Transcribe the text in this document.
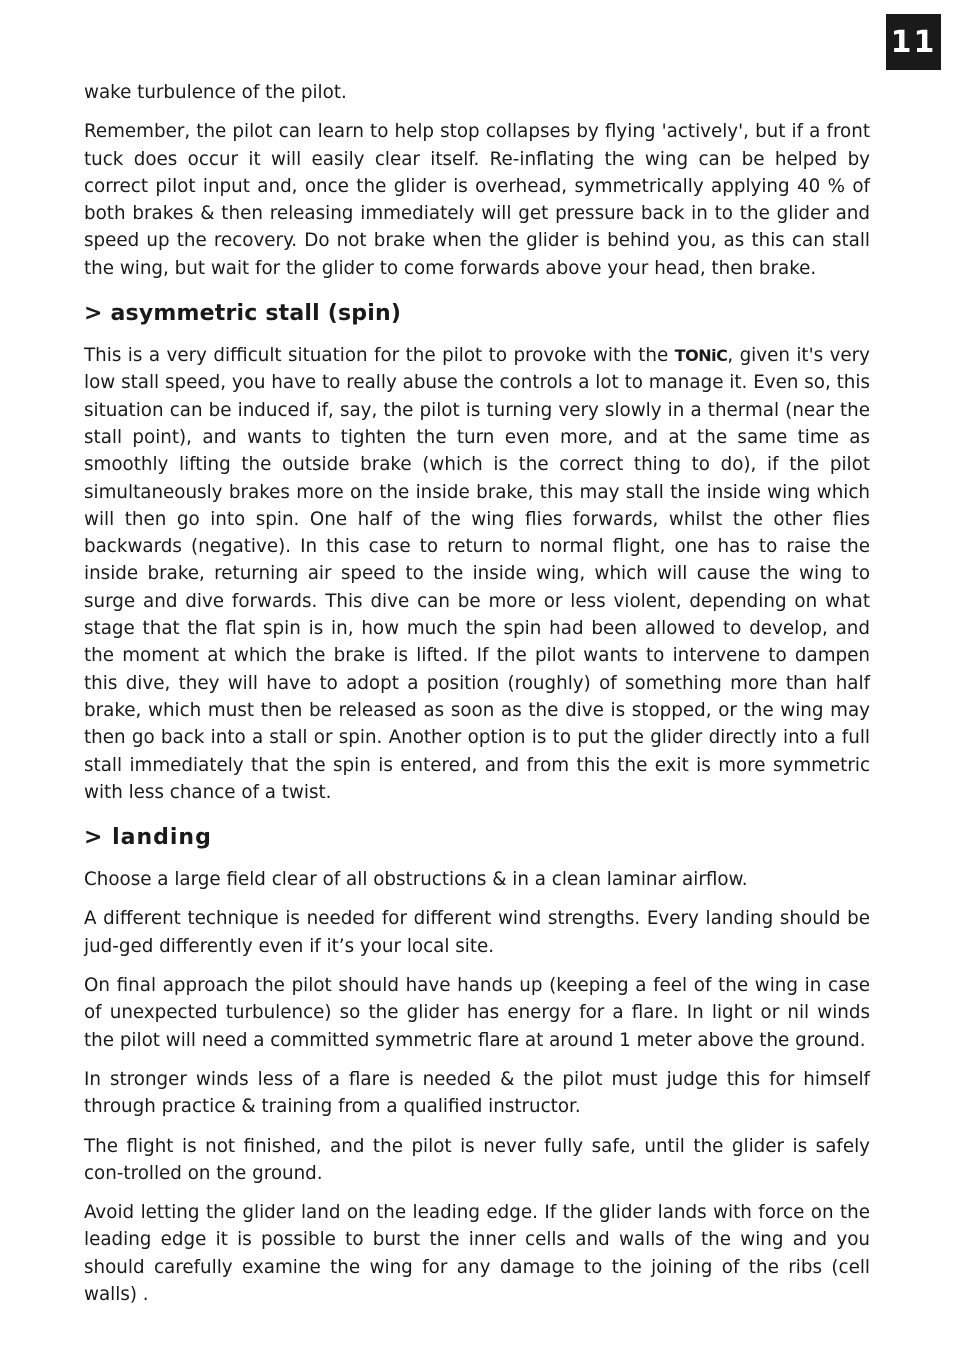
11

wake turbulence of the pilot.

Remember, the pilot can learn to help stop collapses by flying 'actively', but if a front tuck does occur it will easily clear itself. Re-inflating the wing can be helped by correct pilot input and, once the glider is overhead, symmetrically applying 40 % of both brakes & then releasing immediately will get pressure back in to the glider and speed up the recovery. Do not brake when the glider is behind you, as this can stall the wing, but wait for the glider to come forwards above your head, then brake.

> asymmetric stall (spin)

This is a very difficult situation for the pilot to provoke with the TONiC, given it's very low stall speed, you have to really abuse the controls a lot to manage it. Even so, this situation can be induced if, say, the pilot is turning very slowly in a thermal (near the stall point), and wants to tighten the turn even more, and at the same time as smoothly lifting the outside brake (which is the correct thing to do), if the pilot simultaneously brakes more on the inside brake, this may stall the inside wing which will then go into spin. One half of the wing flies forwards, whilst the other flies backwards (negative). In this case to return to normal flight, one has to raise the inside brake, returning air speed to the inside wing, which will cause the wing to surge and dive forwards. This dive can be more or less violent, depending on what stage that the flat spin is in, how much the spin had been allowed to develop, and the moment at which the brake is lifted. If the pilot wants to intervene to dampen this dive, they will have to adopt a position (roughly) of something more than half brake, which must then be released as soon as the dive is stopped, or the wing may then go back into a stall or spin. Another option is to put the glider directly into a full stall immediately that the spin is entered, and from this the exit is more symmetric with less chance of a twist.

> landing

Choose a large field clear of all obstructions & in a clean laminar airflow.

A different technique is needed for different wind strengths. Every landing should be jud-ged differently even if it’s your local site.

On final approach the pilot should have hands up (keeping a feel of the wing in case of unexpected turbulence) so the glider has energy for a flare. In light or nil winds the pilot will need a committed symmetric flare at around 1 meter above the ground.

In stronger winds less of a flare is needed & the pilot must judge this for himself through practice & training from a qualified instructor.

The flight is not finished, and the pilot is never fully safe, until the glider is safely con-trolled on the ground.

Avoid letting the glider land on the leading edge. If the glider lands with force on the leading edge it is possible to burst the inner cells and walls of the wing and you should carefully examine the wing for any damage to the joining of the ribs (cell walls) .
